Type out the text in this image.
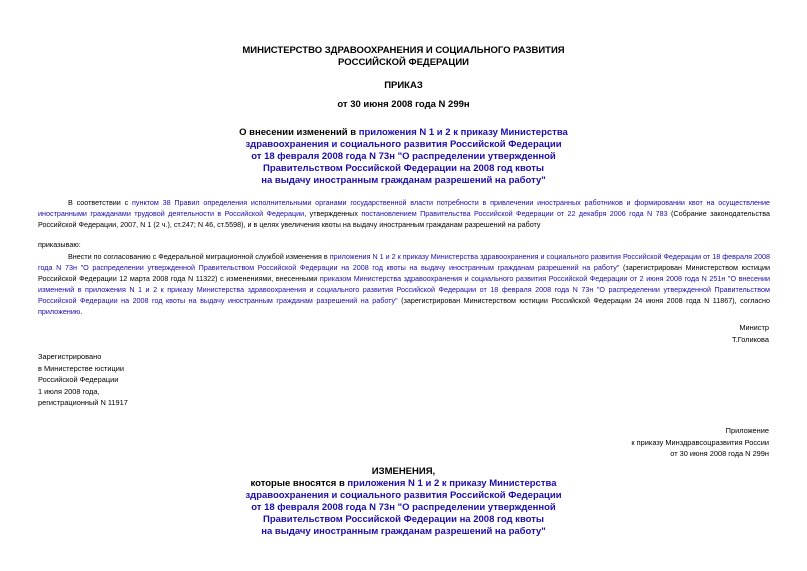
МИНИСТЕРСТВО ЗДРАВООХРАНЕНИЯ И СОЦИАЛЬНОГО РАЗВИТИЯ
РОССИЙСКОЙ ФЕДЕРАЦИИ
ПРИКАЗ
от 30 июня 2008 года N 299н
О внесении изменений в приложения N 1 и 2 к приказу Министерства
здравоохранения и социального развития Российской Федерации
от 18 февраля 2008 года N 73н "О распределении утвержденной
Правительством Российской Федерации на 2008 год квоты
на выдачу иностранным гражданам разрешений на работу"
В соответствии с пунктом 38 Правил определения исполнительными органами государственной власти потребности в привлечении иностранных работников и формировании квот на осуществление иностранными гражданами трудовой деятельности в Российской Федерации, утвержденных постановлением Правительства Российской Федерации от 22 декабря 2006 года N 783 (Собрание законодательства Российской Федерации, 2007, N 1 (2 ч.), ст.247; N 46, ст.5598), и в целях увеличения квоты на выдачу иностранным гражданам разрешений на работу
приказываю:
Внести по согласованию с Федеральной миграционной службой изменения в приложения N 1 и 2 к приказу Министерства здравоохранения и социального развития Российской Федерации от 18 февраля 2008 года N 73н "О распределении утвержденной Правительством Российской Федерации на 2008 год квоты на выдачу иностранным гражданам разрешений на работу" (зарегистрирован Министерством юстиции Российской Федерации 12 марта 2008 года N 11322) с изменениями, внесенными приказом Министерства здравоохранения и социального развития Российской Федерации от 2 июня 2008 года N 251н "О внесении изменений в приложения N 1 и 2 к приказу Министерства здравоохранения и социального развития Российской Федерации от 18 февраля 2008 года N 73н "О распределении утвержденной Правительством Российской Федерации на 2008 год квоты на выдачу иностранным гражданам разрешений на работу" (зарегистрирован Министерством юстиции Российской Федерации 24 июня 2008 года N 11867), согласно приложению.
Министр
Т.Голикова
Зарегистрировано
в Министерстве юстиции
Российской Федерации
1 июля 2008 года,
регистрационный N 11917
Приложение
к приказу Минздравсоцразвития России
от 30 июня 2008 года N 299н
ИЗМЕНЕНИЯ,
которые вносятся в приложения N 1 и 2 к приказу Министерства
здравоохранения и социального развития Российской Федерации
от 18 февраля 2008 года N 73н "О распределении утвержденной
Правительством Российской Федерации на 2008 год квоты
на выдачу иностранным гражданам разрешений на работу"
